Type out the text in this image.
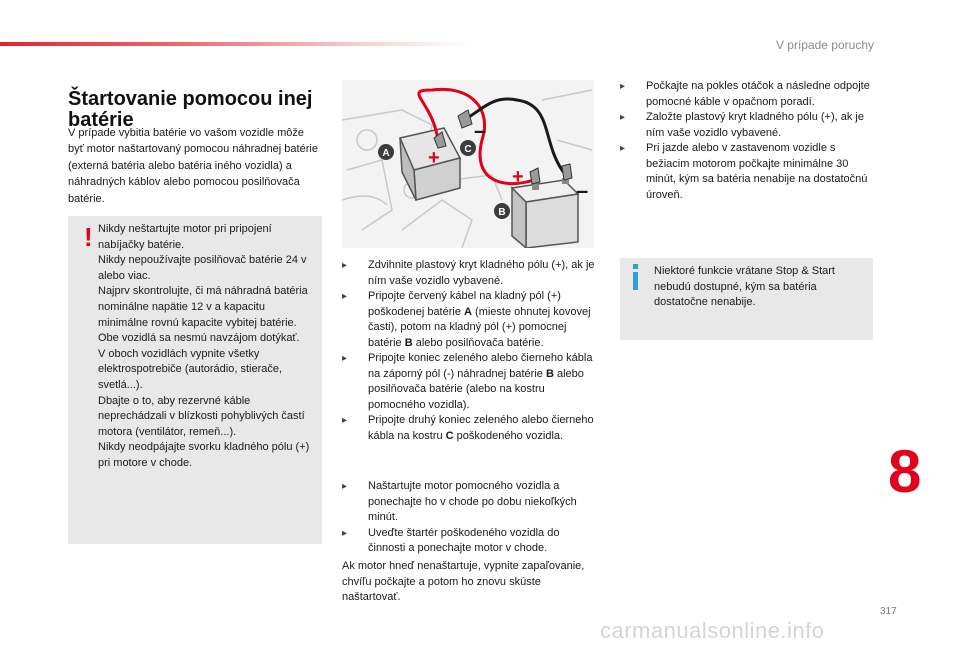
V prípade poruchy
Štartovanie pomocou inej batérie

V prípade vybitia batérie vo vašom vozidle môže byť motor naštartovaný pomocou náhradnej batérie (externá batéria alebo batéria iného vozidla) a náhradných káblov alebo pomocou posilňovača batérie.

! Nikdy neštartujte motor pri pripojení nabíjačky batérie.
Nikdy nepoužívajte posilňovač batérie 24 v alebo viac.
Najprv skontrolujte, či má náhradná batéria nominálne napätie 12 v a kapacitu minimálne rovnú kapacite vybitej batérie.
Obe vozidlá sa nesmú navzájom dotýkať.
V oboch vozidlách vypnite všetky elektrospotrebiče (autorádio, stierače, svetlá...).
Dbajte o to, aby rezervné káble neprechádzali v blízkosti pohyblivých častí motora (ventilátor, remeň...).
Nikdy neodpájajte svorku kladného pólu (+) pri motore v chode.
+
–
+
–
A	C
B
▸ Zdvihnite plastový kryt kladného pólu (+), ak je ním vaše vozidlo vybavené.
▸ Pripojte červený kábel na kladný pól (+) poškodenej batérie A (mieste ohnutej kovovej časti), potom na kladný pól (+) pomocnej batérie B alebo posilňovača batérie.
▸ Pripojte koniec zeleného alebo čierneho kábla na záporný pól (-) náhradnej batérie B alebo posilňovača batérie (alebo na kostru pomocného vozidla).
▸ Pripojte druhý koniec zeleného alebo čierneho kábla na kostru C poškodeného vozidla.
▸ Naštartujte motor pomocného vozidla a ponechajte ho v chode po dobu niekoľkých minút.
▸ Uveďte štartér poškodeného vozidla do činnosti a ponechajte motor v chode.
Ak motor hneď nenaštartuje, vypnite zapaľovanie, chvíľu počkajte a potom ho znovu skúste naštartovať.
▸ Počkajte na pokles otáčok a následne odpojte pomocné káble v opačnom poradí.
▸ Založte plastový kryt kladného pólu (+), ak je ním vaše vozidlo vybavené.
▸ Pri jazde alebo v zastavenom vozidle s bežiacim motorom počkajte minimálne 30 minút, kým sa batéria nenabije na dostatočnú úroveň.
Niektoré funkcie vrátane Stop & Start nebudú dostupné, kým sa batéria dostatočne nenabije.
8
317
carmanualsonline.info
